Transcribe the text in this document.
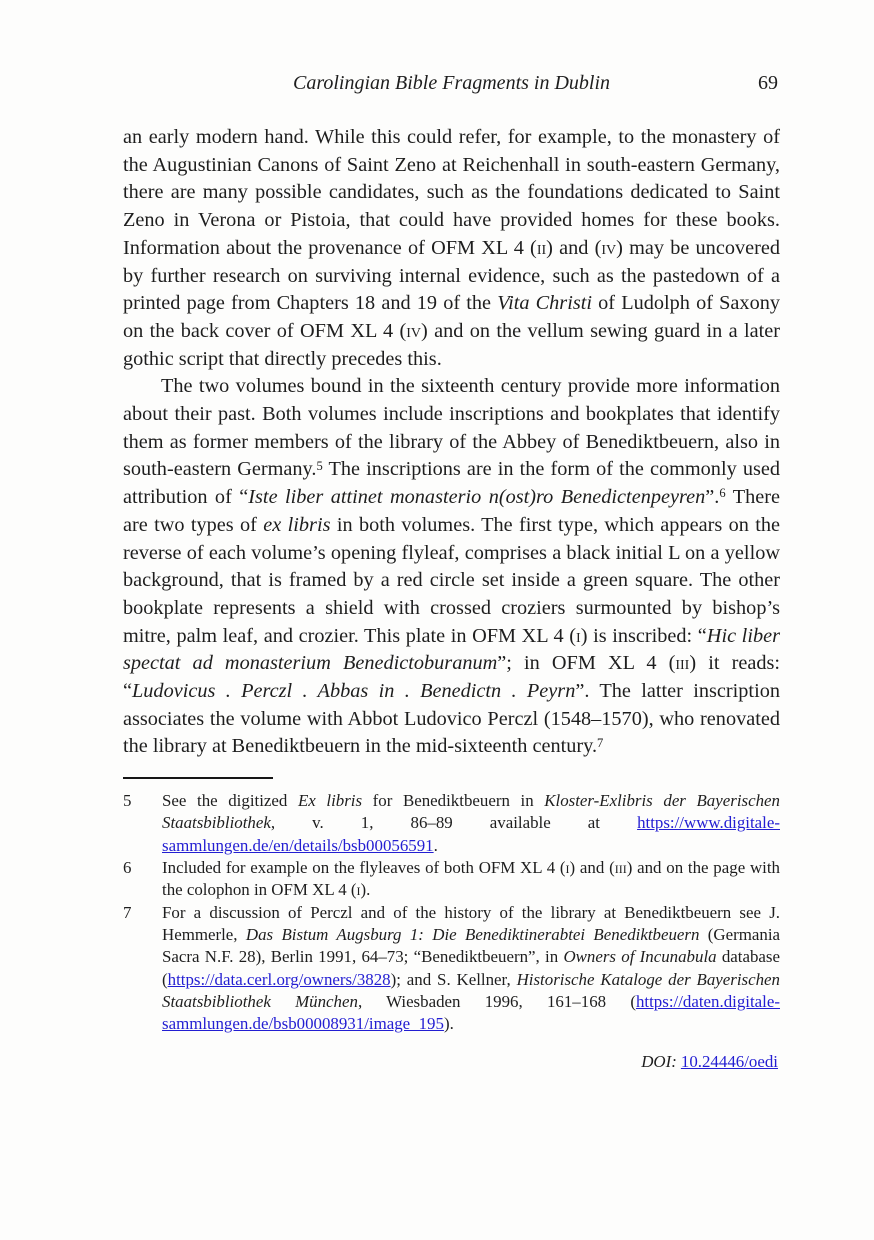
Carolingian Bible Fragments in Dublin	69

an early modern hand. While this could refer, for example, to the monastery of the Augustinian Canons of Saint Zeno at Reichenhall in south-eastern Germany, there are many possible candidates, such as the foundations dedicated to Saint Zeno in Verona or Pistoia, that could have provided homes for these books. Information about the provenance of OFM XL 4 (ii) and (iv) may be uncovered by further research on surviving internal evidence, such as the pastedown of a printed page from Chapters 18 and 19 of the Vita Christi of Ludolph of Saxony on the back cover of OFM XL 4 (iv) and on the vellum sewing guard in a later gothic script that directly precedes this.

The two volumes bound in the sixteenth century provide more information about their past. Both volumes include inscriptions and bookplates that identify them as former members of the library of the Abbey of Benediktbeuern, also in south-eastern Germany.$^5$ The inscriptions are in the form of the commonly used attribution of “Iste liber attinet monasterio n(ost)ro Benedictenpeyren”.$^6$ There are two types of ex libris in both volumes. The first type, which appears on the reverse of each volume’s opening flyleaf, comprises a black initial L on a yellow background, that is framed by a red circle set inside a green square. The other bookplate represents a shield with crossed croziers surmounted by bishop’s mitre, palm leaf, and crozier. This plate in OFM XL 4 (i) is inscribed: “Hic liber spectat ad monasterium Benedictoburanum”; in OFM XL 4 (iii) it reads: “Ludovicus . Perczl . Abbas in . Benedictn . Peyrn”. The latter inscription associates the volume with Abbot Ludovico Perczl (1548–1570), who renovated the library at Benediktbeuern in the mid-sixteenth century.$^7$

5	See the digitized Ex libris for Benediktbeuern in Kloster-Exlibris der Bayerischen Staatsbibliothek, v. 1, 86–89 available at https://www.digitale-sammlungen.de/en/details/bsb00056591.
6	Included for example on the flyleaves of both OFM XL 4 (i) and (iii) and on the page with the colophon in OFM XL 4 (i).
7	For a discussion of Perczl and of the history of the library at Benediktbeuern see J. Hemmerle, Das Bistum Augsburg 1: Die Benediktinerabtei Benediktbeuern (Germania Sacra N.F. 28), Berlin 1991, 64–73; “Benediktbeuern”, in Owners of Incunabula database (https://data.cerl.org/owners/3828); and S. Kellner, Historische Kataloge der Bayerischen Staatsbibliothek München, Wiesbaden 1996, 161–168 (https://daten.digitale-sammlungen.de/bsb00008931/image_195).
DOI: 10.24446/oedi
